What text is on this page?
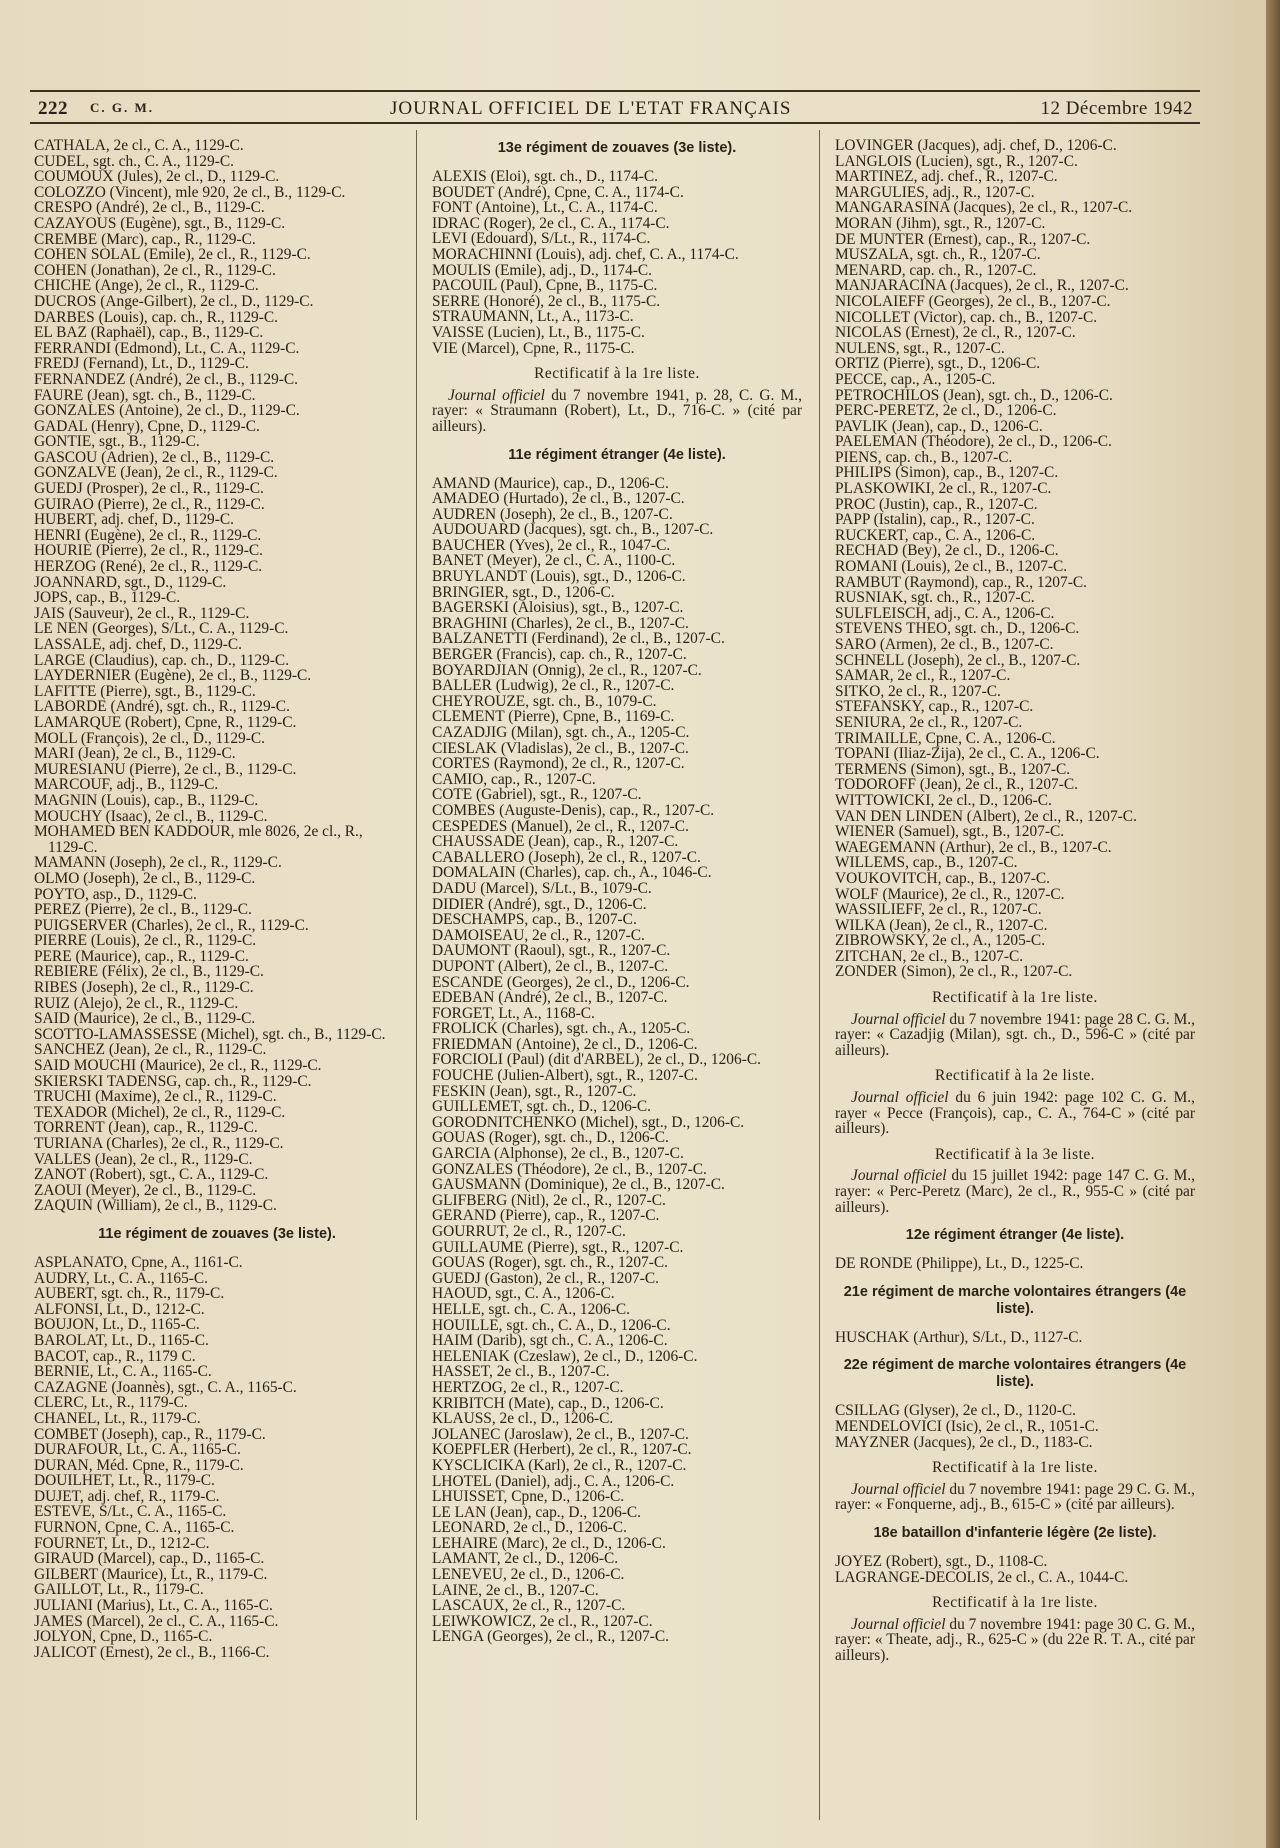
222 C. G. M.	JOURNAL OFFICIEL DE L'ETAT FRANÇAIS	12 Décembre 1942

CATHALA, 2e cl., C. A., 1129-C.

CUDEL, sgt. ch., C. A., 1129-C.

COUMOUX (Jules), 2e cl., D., 1129-C.

COLOZZO (Vincent), mle 920, 2e cl., B., 1129-C.

CRESPO (André), 2e cl., B., 1129-C.

CAZAYOUS (Eugène), sgt., B., 1129-C.

CREMBE (Marc), cap., R., 1129-C.

COHEN SOLAL (Emile), 2e cl., R., 1129-C.

COHEN (Jonathan), 2e cl., R., 1129-C.

CHICHE (Ange), 2e cl., R., 1129-C.

DUCROS (Ange-Gilbert), 2e cl., D., 1129-C.

DARBES (Louis), cap. ch., R., 1129-C.

EL BAZ (Raphaël), cap., B., 1129-C.

FERRANDI (Edmond), Lt., C. A., 1129-C.

FREDJ (Fernand), Lt., D., 1129-C.

FERNANDEZ (André), 2e cl., B., 1129-C.

FAURE (Jean), sgt. ch., B., 1129-C.

GONZALES (Antoine), 2e cl., D., 1129-C.

GADAL (Henry), Cpne, D., 1129-C.

GONTIE, sgt., B., 1129-C.

GASCOU (Adrien), 2e cl., B., 1129-C.

GONZALVE (Jean), 2e cl., R., 1129-C.

GUEDJ (Prosper), 2e cl., R., 1129-C.

GUIRAO (Pierre), 2e cl., R., 1129-C.

HUBERT, adj. chef, D., 1129-C.

HENRI (Eugène), 2e cl., R., 1129-C.

HOURIE (Pierre), 2e cl., R., 1129-C.

HERZOG (René), 2e cl., R., 1129-C.

JOANNARD, sgt., D., 1129-C.

JOPS, cap., B., 1129-C.

JAIS (Sauveur), 2e cl., R., 1129-C.

LE NEN (Georges), S/Lt., C. A., 1129-C.

LASSALE, adj. chef, D., 1129-C.

LARGE (Claudius), cap. ch., D., 1129-C.

LAYDERNIER (Eugène), 2e cl., B., 1129-C.

LAFITTE (Pierre), sgt., B., 1129-C.

LABORDE (André), sgt. ch., R., 1129-C.

LAMARQUE (Robert), Cpne, R., 1129-C.

MOLL (François), 2e cl., D., 1129-C.

MARI (Jean), 2e cl., B., 1129-C.

MURESIANU (Pierre), 2e cl., B., 1129-C.

MARCOUF, adj., B., 1129-C.

MAGNIN (Louis), cap., B., 1129-C.

MOUCHY (Isaac), 2e cl., B., 1129-C.

MOHAMED BEN KADDOUR, mle 8026, 2e cl., R., 1129-C.

MAMANN (Joseph), 2e cl., R., 1129-C.

OLMO (Joseph), 2e cl., B., 1129-C.

POYTO, asp., D., 1129-C.

PEREZ (Pierre), 2e cl., B., 1129-C.

PUIGSERVER (Charles), 2e cl., R., 1129-C.

PIERRE (Louis), 2e cl., R., 1129-C.

PERE (Maurice), cap., R., 1129-C.

REBIERE (Félix), 2e cl., B., 1129-C.

RIBES (Joseph), 2e cl., R., 1129-C.

RUIZ (Alejo), 2e cl., R., 1129-C.

SAID (Maurice), 2e cl., B., 1129-C.

SCOTTO-LAMASSESSE (Michel), sgt. ch., B., 1129-C.

SANCHEZ (Jean), 2e cl., R., 1129-C.

SAID MOUCHI (Maurice), 2e cl., R., 1129-C.

SKIERSKI TADENSG, cap. ch., R., 1129-C.

TRUCHI (Maxime), 2e cl., R., 1129-C.

TEXADOR (Michel), 2e cl., R., 1129-C.

TORRENT (Jean), cap., R., 1129-C.

TURIANA (Charles), 2e cl., R., 1129-C.

VALLES (Jean), 2e cl., R., 1129-C.

ZANOT (Robert), sgt., C. A., 1129-C.

ZAOUI (Meyer), 2e cl., B., 1129-C.

ZAQUIN (William), 2e cl., B., 1129-C.

11e régiment de zouaves (3e liste).

ASPLANATO, Cpne, A., 1161-C.

AUDRY, Lt., C. A., 1165-C.

AUBERT, sgt. ch., R., 1179-C.

ALFONSI, Lt., D., 1212-C.

BOUJON, Lt., D., 1165-C.

BAROLAT, Lt., D., 1165-C.

BACOT, cap., R., 1179 C.

BERNIE, Lt., C. A., 1165-C.

CAZAGNE (Joannès), sgt., C. A., 1165-C.

CLERC, Lt., R., 1179-C.

CHANEL, Lt., R., 1179-C.

COMBET (Joseph), cap., R., 1179-C.

DURAFOUR, Lt., C. A., 1165-C.

DURAN, Méd. Cpne, R., 1179-C.

DOUILHET, Lt., R., 1179-C.

DUJET, adj. chef, R., 1179-C.

ESTEVE, S/Lt., C. A., 1165-C.

FURNON, Cpne, C. A., 1165-C.

FOURNET, Lt., D., 1212-C.

GIRAUD (Marcel), cap., D., 1165-C.

GILBERT (Maurice), Lt., R., 1179-C.

GAILLOT, Lt., R., 1179-C.

JULIANI (Marius), Lt., C. A., 1165-C.

JAMES (Marcel), 2e cl., C. A., 1165-C.

JOLYON, Cpne, D., 1165-C.

JALICOT (Ernest), 2e cl., B., 1166-C.

13e régiment de zouaves (3e liste).

ALEXIS (Eloi), sgt. ch., D., 1174-C.

BOUDET (André), Cpne, C. A., 1174-C.

FONT (Antoine), Lt., C. A., 1174-C.

IDRAC (Roger), 2e cl., C. A., 1174-C.

LEVI (Edouard), S/Lt., R., 1174-C.

MORACHINNI (Louis), adj. chef, C. A., 1174-C.

MOULIS (Emile), adj., D., 1174-C.

PACOUIL (Paul), Cpne, B., 1175-C.

SERRE (Honoré), 2e cl., B., 1175-C.

STRAUMANN, Lt., A., 1173-C.

VAISSE (Lucien), Lt., B., 1175-C.

VIE (Marcel), Cpne, R., 1175-C.

Rectificatif à la 1re liste.

Journal officiel du 7 novembre 1941, p. 28, C. G. M., rayer: « Straumann (Robert), Lt., D., 716-C. » (cité par ailleurs).

11e régiment étranger (4e liste).

AMAND (Maurice), cap., D., 1206-C.

AMADEO (Hurtado), 2e cl., B., 1207-C.

AUDREN (Joseph), 2e cl., B., 1207-C.

AUDOUARD (Jacques), sgt. ch., B., 1207-C.

BAUCHER (Yves), 2e cl., R., 1047-C.

BANET (Meyer), 2e cl., C. A., 1100-C.

BRUYLANDT (Louis), sgt., D., 1206-C.

BRINGIER, sgt., D., 1206-C.

BAGERSKI (Aloisius), sgt., B., 1207-C.

BRAGHINI (Charles), 2e cl., B., 1207-C.

BALZANETTI (Ferdinand), 2e cl., B., 1207-C.

BERGER (Francis), cap. ch., R., 1207-C.

BOYARDJIAN (Onnig), 2e cl., R., 1207-C.

BALLER (Ludwig), 2e cl., R., 1207-C.

CHEYROUZE, sgt. ch., B., 1079-C.

CLEMENT (Pierre), Cpne, B., 1169-C.

CAZADJIG (Milan), sgt. ch., A., 1205-C.

CIESLAK (Vladislas), 2e cl., B., 1207-C.

CORTES (Raymond), 2e cl., R., 1207-C.

CAMIO, cap., R., 1207-C.

COTE (Gabriel), sgt., R., 1207-C.

COMBES (Auguste-Denis), cap., R., 1207-C.

CESPEDES (Manuel), 2e cl., R., 1207-C.

CHAUSSADE (Jean), cap., R., 1207-C.

CABALLERO (Joseph), 2e cl., R., 1207-C.

DOMALAIN (Charles), cap. ch., A., 1046-C.

DADU (Marcel), S/Lt., B., 1079-C.

DIDIER (André), sgt., D., 1206-C.

DESCHAMPS, cap., B., 1207-C.

DAMOISEAU, 2e cl., R., 1207-C.

DAUMONT (Raoul), sgt., R., 1207-C.

DUPONT (Albert), 2e cl., B., 1207-C.

ESCANDE (Georges), 2e cl., D., 1206-C.

EDEBAN (André), 2e cl., B., 1207-C.

FORGET, Lt., A., 1168-C.

FROLICK (Charles), sgt. ch., A., 1205-C.

FRIEDMAN (Antoine), 2e cl., D., 1206-C.

FORCIOLI (Paul) (dit d'ARBEL), 2e cl., D., 1206-C.

FOUCHE (Julien-Albert), sgt., R., 1207-C.

FESKIN (Jean), sgt., R., 1207-C.

GUILLEMET, sgt. ch., D., 1206-C.

GORODNITCHENKO (Michel), sgt., D., 1206-C.

GOUAS (Roger), sgt. ch., D., 1206-C.

GARCIA (Alphonse), 2e cl., B., 1207-C.

GONZALES (Théodore), 2e cl., B., 1207-C.

GAUSMANN (Dominique), 2e cl., B., 1207-C.

GLIFBERG (Nitl), 2e cl., R., 1207-C.

GERAND (Pierre), cap., R., 1207-C.

GOURRUT, 2e cl., R., 1207-C.

GUILLAUME (Pierre), sgt., R., 1207-C.

GOUAS (Roger), sgt. ch., R., 1207-C.

GUEDJ (Gaston), 2e cl., R., 1207-C.

HAOUD, sgt., C. A., 1206-C.

HELLE, sgt. ch., C. A., 1206-C.

HOUILLE, sgt. ch., C. A., D., 1206-C.

HAIM (Darib), sgt ch., C. A., 1206-C.

HELENIAK (Czeslaw), 2e cl., D., 1206-C.

HASSET, 2e cl., B., 1207-C.

HERTZOG, 2e cl., R., 1207-C.

KRIBITCH (Mate), cap., D., 1206-C.

KLAUSS, 2e cl., D., 1206-C.

JOLANEC (Jaroslaw), 2e cl., B., 1207-C.

KOEPFLER (Herbert), 2e cl., R., 1207-C.

KYSCLICIKA (Karl), 2e cl., R., 1207-C.

LHOTEL (Daniel), adj., C. A., 1206-C.

LHUISSET, Cpne, D., 1206-C.

LE LAN (Jean), cap., D., 1206-C.

LEONARD, 2e cl., D., 1206-C.

LEHAIRE (Marc), 2e cl., D., 1206-C.

LAMANT, 2e cl., D., 1206-C.

LENEVEU, 2e cl., D., 1206-C.

LAINE, 2e cl., B., 1207-C.

LASCAUX, 2e cl., R., 1207-C.

LEIWKOWICZ, 2e cl., R., 1207-C.

LENGA (Georges), 2e cl., R., 1207-C.

LOVINGER (Jacques), adj. chef, D., 1206-C.

LANGLOIS (Lucien), sgt., R., 1207-C.

MARTINEZ, adj. chef., R., 1207-C.

MARGULIES, adj., R., 1207-C.

MANGARASINA (Jacques), 2e cl., R., 1207-C.

MORAN (Jihm), sgt., R., 1207-C.

DE MUNTER (Ernest), cap., R., 1207-C.

MUSZALA, sgt. ch., R., 1207-C.

MENARD, cap. ch., R., 1207-C.

MANJARACINA (Jacques), 2e cl., R., 1207-C.

NICOLAIEFF (Georges), 2e cl., B., 1207-C.

NICOLLET (Victor), cap. ch., B., 1207-C.

NICOLAS (Ernest), 2e cl., R., 1207-C.

NULENS, sgt., R., 1207-C.

ORTIZ (Pierre), sgt., D., 1206-C.

PECCE, cap., A., 1205-C.

PETROCHILOS (Jean), sgt. ch., D., 1206-C.

PERC-PERETZ, 2e cl., D., 1206-C.

PAVLIK (Jean), cap., D., 1206-C.

PAELEMAN (Théodore), 2e cl., D., 1206-C.

PIENS, cap. ch., B., 1207-C.

PHILIPS (Simon), cap., B., 1207-C.

PLASKOWIKI, 2e cl., R., 1207-C.

PROC (Justin), cap., R., 1207-C.

PAPP (Istalin), cap., R., 1207-C.

RUCKERT, cap., C. A., 1206-C.

RECHAD (Bey), 2e cl., D., 1206-C.

ROMANI (Louis), 2e cl., B., 1207-C.

RAMBUT (Raymond), cap., R., 1207-C.

RUSNIAK, sgt. ch., R., 1207-C.

SULFLEISCH, adj., C. A., 1206-C.

STEVENS THEO, sgt. ch., D., 1206-C.

SARO (Armen), 2e cl., B., 1207-C.

SCHNELL (Joseph), 2e cl., B., 1207-C.

SAMAR, 2e cl., R., 1207-C.

SITKO, 2e cl., R., 1207-C.

STEFANSKY, cap., R., 1207-C.

SENIURA, 2e cl., R., 1207-C.

TRIMAILLE, Cpne, C. A., 1206-C.

TOPANI (Iliaz-Zija), 2e cl., C. A., 1206-C.

TERMENS (Simon), sgt., B., 1207-C.

TODOROFF (Jean), 2e cl., R., 1207-C.

WITTOWICKI, 2e cl., D., 1206-C.

VAN DEN LINDEN (Albert), 2e cl., R., 1207-C.

WIENER (Samuel), sgt., B., 1207-C.

WAEGEMANN (Arthur), 2e cl., B., 1207-C.

WILLEMS, cap., B., 1207-C.

VOUKOVITCH, cap., B., 1207-C.

WOLF (Maurice), 2e cl., R., 1207-C.

WASSILIEFF, 2e cl., R., 1207-C.

WILKA (Jean), 2e cl., R., 1207-C.

ZIBROWSKY, 2e cl., A., 1205-C.

ZITCHAN, 2e cl., B., 1207-C.

ZONDER (Simon), 2e cl., R., 1207-C.

Rectificatif à la 1re liste.

Journal officiel du 7 novembre 1941: page 28 C. G. M., rayer: « Cazadjig (Milan), sgt. ch., D., 596-C » (cité par ailleurs).

Rectificatif à la 2e liste.

Journal officiel du 6 juin 1942: page 102 C. G. M., rayer « Pecce (François), cap., C. A., 764-C » (cité par ailleurs).

Rectificatif à la 3e liste.

Journal officiel du 15 juillet 1942: page 147 C. G. M., rayer: « Perc-Peretz (Marc), 2e cl., R., 955-C » (cité par ailleurs).

12e régiment étranger (4e liste).

DE RONDE (Philippe), Lt., D., 1225-C.

21e régiment de marche volontaires étrangers (4e liste).

HUSCHAK (Arthur), S/Lt., D., 1127-C.

22e régiment de marche volontaires étrangers (4e liste).

CSILLAG (Glyser), 2e cl., D., 1120-C.

MENDELOVICI (Isic), 2e cl., R., 1051-C.

MAYZNER (Jacques), 2e cl., D., 1183-C.

Rectificatif à la 1re liste.

Journal officiel du 7 novembre 1941: page 29 C. G. M., rayer: « Fonquerne, adj., B., 615-C » (cité par ailleurs).

18e bataillon d'infanterie légère (2e liste).

JOYEZ (Robert), sgt., D., 1108-C.

LAGRANGE-DECOLIS, 2e cl., C. A., 1044-C.

Rectificatif à la 1re liste.

Journal officiel du 7 novembre 1941: page 30 C. G. M., rayer: « Theate, adj., R., 625-C » (du 22e R. T. A., cité par ailleurs).
